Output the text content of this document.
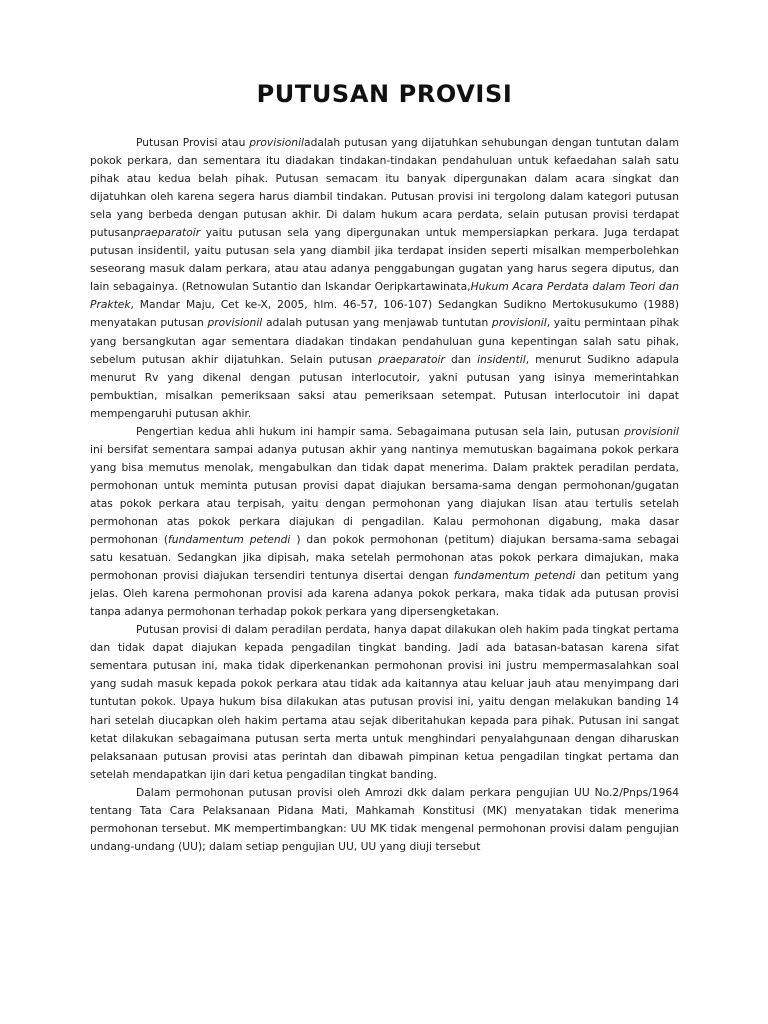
PUTUSAN PROVISI

Putusan Provisi atau provisioniladalah putusan yang dijatuhkan sehubungan dengan tuntutan dalam pokok perkara, dan sementara itu diadakan tindakan-tindakan pendahuluan untuk kefaedahan salah satu pihak atau kedua belah pihak. Putusan semacam itu banyak dipergunakan dalam acara singkat dan dijatuhkan oleh karena segera harus diambil tindakan. Putusan provisi ini tergolong dalam kategori putusan sela yang berbeda dengan putusan akhir. Di dalam hukum acara perdata, selain putusan provisi terdapat putusanpraeparatoir yaitu putusan sela yang dipergunakan untuk mempersiapkan perkara. Juga terdapat putusan insidentil, yaitu putusan sela yang diambil jika terdapat insiden seperti misalkan memperbolehkan seseorang masuk dalam perkara, atau atau adanya penggabungan gugatan yang harus segera diputus, dan lain sebagainya. (Retnowulan Sutantio dan Iskandar Oeripkartawinata,Hukum Acara Perdata dalam Teori dan Praktek, Mandar Maju, Cet ke-X, 2005, hlm. 46-57, 106-107) Sedangkan Sudikno Mertokusukumo (1988) menyatakan putusan provisionil adalah putusan yang menjawab tuntutan provisionil, yaitu permintaan pihak yang bersangkutan agar sementara diadakan tindakan pendahuluan guna kepentingan salah satu pihak, sebelum putusan akhir dijatuhkan. Selain putusan praeparatoir dan insidentil, menurut Sudikno adapula menurut Rv yang dikenal dengan putusan interlocutoir, yakni putusan yang isinya memerintahkan pembuktian, misalkan pemeriksaan saksi atau pemeriksaan setempat. Putusan interlocutoir ini dapat mempengaruhi putusan akhir.

Pengertian kedua ahli hukum ini hampir sama. Sebagaimana putusan sela lain, putusan provisionil ini bersifat sementara sampai adanya putusan akhir yang nantinya memutuskan bagaimana pokok perkara yang bisa memutus menolak, mengabulkan dan tidak dapat menerima. Dalam praktek peradilan perdata, permohonan untuk meminta putusan provisi dapat diajukan bersama-sama dengan permohonan/gugatan atas pokok perkara atau terpisah, yaitu dengan permohonan yang diajukan lisan atau tertulis setelah permohonan atas pokok perkara diajukan di pengadilan. Kalau permohonan digabung, maka dasar permohonan (fundamentum petendi ) dan pokok permohonan (petitum) diajukan bersama-sama sebagai satu kesatuan. Sedangkan jika dipisah, maka setelah permohonan atas pokok perkara dimajukan, maka permohonan provisi diajukan tersendiri tentunya disertai dengan fundamentum petendi dan petitum yang jelas. Oleh karena permohonan provisi ada karena adanya pokok perkara, maka tidak ada putusan provisi tanpa adanya permohonan terhadap pokok perkara yang dipersengketakan.

Putusan provisi di dalam peradilan perdata, hanya dapat dilakukan oleh hakim pada tingkat pertama dan tidak dapat diajukan kepada pengadilan tingkat banding. Jadi ada batasan-batasan karena sifat sementara putusan ini, maka tidak diperkenankan permohonan provisi ini justru mempermasalahkan soal yang sudah masuk kepada pokok perkara atau tidak ada kaitannya atau keluar jauh atau menyimpang dari tuntutan pokok. Upaya hukum bisa dilakukan atas putusan provisi ini, yaitu dengan melakukan banding 14 hari setelah diucapkan oleh hakim pertama atau sejak diberitahukan kepada para pihak. Putusan ini sangat ketat dilakukan sebagaimana putusan serta merta untuk menghindari penyalahgunaan dengan diharuskan pelaksanaan putusan provisi atas perintah dan dibawah pimpinan ketua pengadilan tingkat pertama dan setelah mendapatkan ijin dari ketua pengadilan tingkat banding.

Dalam permohonan putusan provisi oleh Amrozi dkk dalam perkara pengujian UU No.2/Pnps/1964 tentang Tata Cara Pelaksanaan Pidana Mati, Mahkamah Konstitusi (MK) menyatakan tidak menerima permohonan tersebut. MK mempertimbangkan: UU MK tidak mengenal permohonan provisi dalam pengujian undang-undang (UU); dalam setiap pengujian UU, UU yang diuji tersebut
